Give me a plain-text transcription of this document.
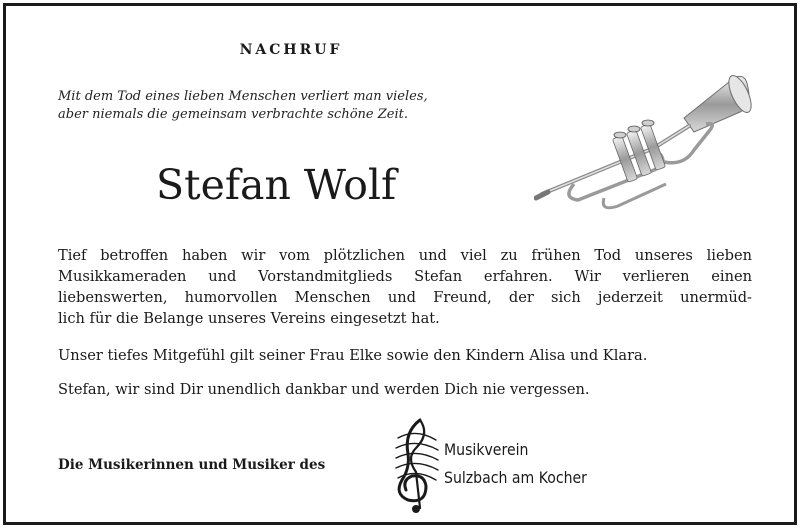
NACHRUF
Mit dem Tod eines lieben Menschen verliert man vieles,
aber niemals die gemeinsam verbrachte schöne Zeit.
Stefan Wolf
Tief betroffen haben wir vom plötzlichen und viel zu frühen Tod unseres lieben
Musikkameraden und Vorstandmitglieds Stefan erfahren. Wir verlieren einen
liebenswerten, humorvollen Menschen und Freund, der sich jederzeit unermüd-
lich für die Belange unseres Vereins eingesetzt hat.
Unser tiefes Mitgefühl gilt seiner Frau Elke sowie den Kindern Alisa und Klara.
Stefan, wir sind Dir unendlich dankbar und werden Dich nie vergessen.
Die Musikerinnen und Musiker des
Musikverein
Sulzbach am Kocher
